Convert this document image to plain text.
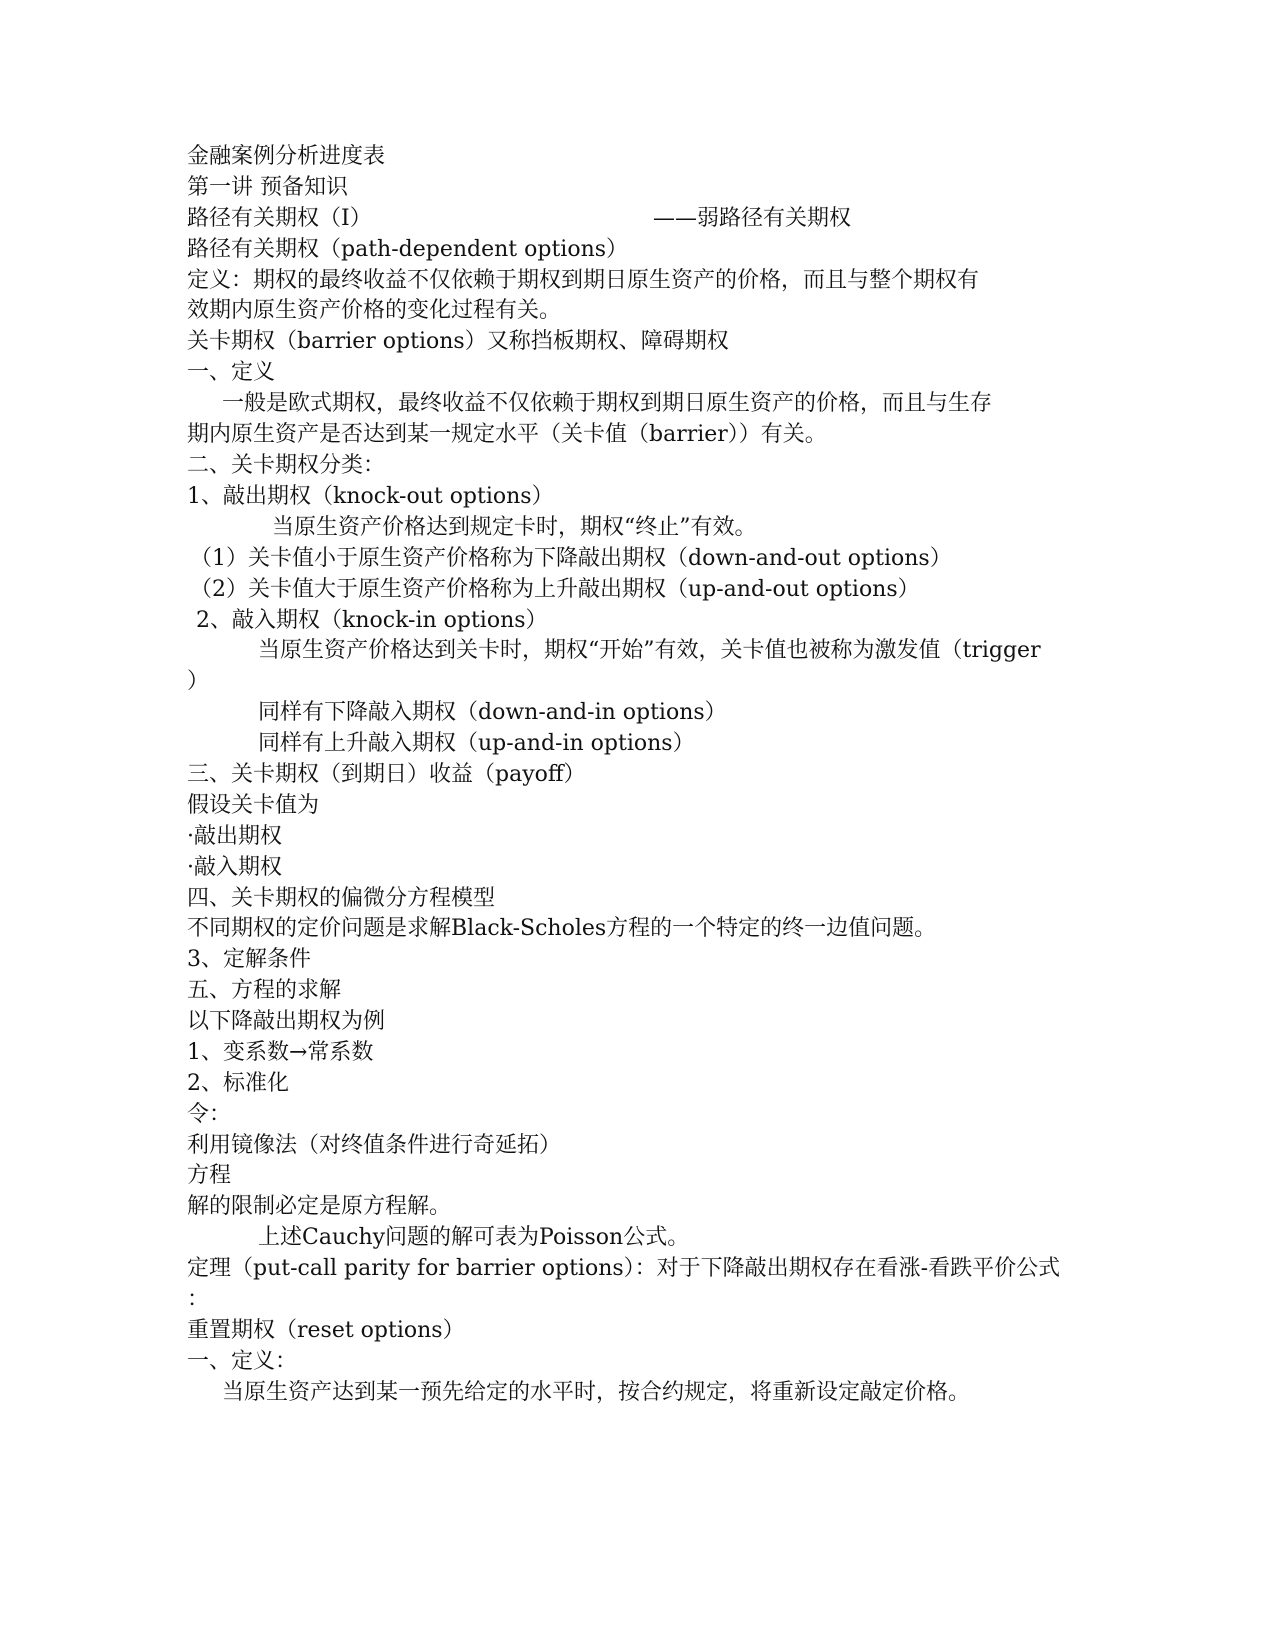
金融案例分析进度表
第一讲 预备知识
路径有关期权（I）	——弱路径有关期权
路径有关期权（path-dependent options）
定义：期权的最终收益不仅依赖于期权到期日原生资产的价格，而且与整个期权有
效期内原生资产价格的变化过程有关。
关卡期权（barrier options）又称挡板期权、障碍期权
一、定义
一般是欧式期权，最终收益不仅依赖于期权到期日原生资产的价格，而且与生存
期内原生资产是否达到某一规定水平（关卡值（barrier））有关。
二、关卡期权分类：
1、敲出期权（knock-out options）
当原生资产价格达到规定卡时，期权“终止”有效。
（1）关卡值小于原生资产价格称为下降敲出期权（down-and-out options）
（2）关卡值大于原生资产价格称为上升敲出期权（up-and-out options）
2、敲入期权（knock-in options）
当原生资产价格达到关卡时，期权“开始”有效，关卡值也被称为激发值（trigger
）
同样有下降敲入期权（down-and-in options）
同样有上升敲入期权（up-and-in options）
三、关卡期权（到期日）收益（payoff）
假设关卡值为
·敲出期权
·敲入期权
四、关卡期权的偏微分方程模型
不同期权的定价问题是求解Black-Scholes方程的一个特定的终一边值问题。
3、定解条件
五、方程的求解
以下降敲出期权为例
1、变系数→常系数
2、标准化
令：
利用镜像法（对终值条件进行奇延拓）
方程
解的限制必定是原方程解。
上述Cauchy问题的解可表为Poisson公式。
定理（put-call parity for barrier options）：对于下降敲出期权存在看涨-看跌平价公式
：
重置期权（reset options）
一、定义：
当原生资产达到某一预先给定的水平时，按合约规定，将重新设定敲定价格。
